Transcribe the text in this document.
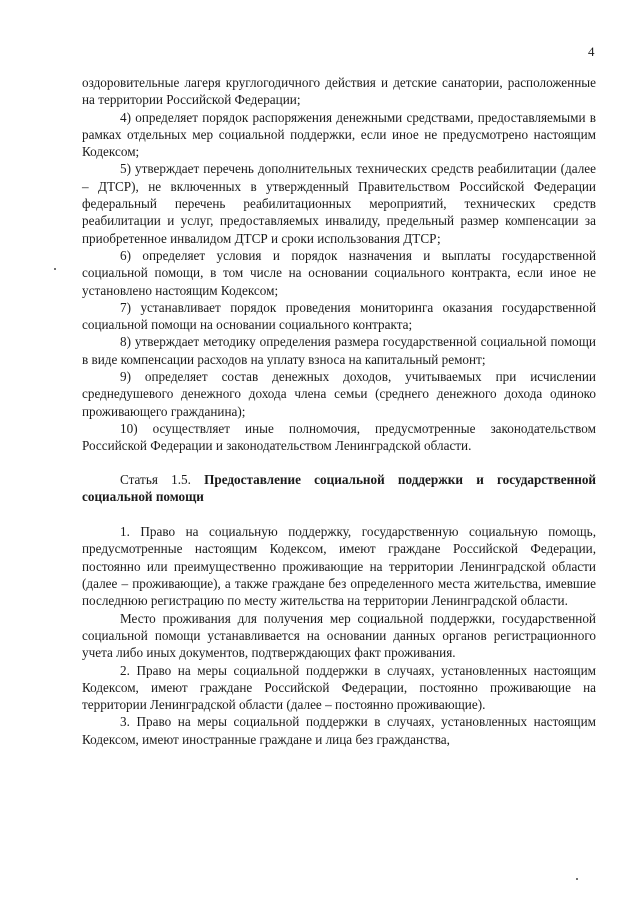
4

оздоровительные лагеря круглогодичного действия и детские санатории, расположенные на территории Российской Федерации;

4) определяет порядок распоряжения денежными средствами, предоставляемыми в рамках отдельных мер социальной поддержки, если иное не предусмотрено настоящим Кодексом;

5) утверждает перечень дополнительных технических средств реабилитации (далее – ДТСР), не включенных в утвержденный Правительством Российской Федерации федеральный перечень реабилитационных мероприятий, технических средств реабилитации и услуг, предоставляемых инвалиду, предельный размер компенсации за приобретенное инвалидом ДТСР и сроки использования ДТСР;

6) определяет условия и порядок назначения и выплаты государственной социальной помощи, в том числе на основании социального контракта, если иное не установлено настоящим Кодексом;

7) устанавливает порядок проведения мониторинга оказания государственной социальной помощи на основании социального контракта;

8) утверждает методику определения размера государственной социальной помощи в виде компенсации расходов на уплату взноса на капитальный ремонт;

9) определяет состав денежных доходов, учитываемых при исчислении среднедушевого денежного дохода члена семьи (среднего денежного дохода одиноко проживающего гражданина);

10) осуществляет иные полномочия, предусмотренные законодательством Российской Федерации и законодательством Ленинградской области.

Статья 1.5. Предоставление социальной поддержки и государственной социальной помощи

1. Право на социальную поддержку, государственную социальную помощь, предусмотренные настоящим Кодексом, имеют граждане Российской Федерации, постоянно или преимущественно проживающие на территории Ленинградской области (далее – проживающие), а также граждане без определенного места жительства, имевшие последнюю регистрацию по месту жительства на территории Ленинградской области.

Место проживания для получения мер социальной поддержки, государственной социальной помощи устанавливается на основании данных органов регистрационного учета либо иных документов, подтверждающих факт проживания.

2. Право на меры социальной поддержки в случаях, установленных настоящим Кодексом, имеют граждане Российской Федерации, постоянно проживающие на территории Ленинградской области (далее – постоянно проживающие).

3. Право на меры социальной поддержки в случаях, установленных настоящим Кодексом, имеют иностранные граждане и лица без гражданства,
